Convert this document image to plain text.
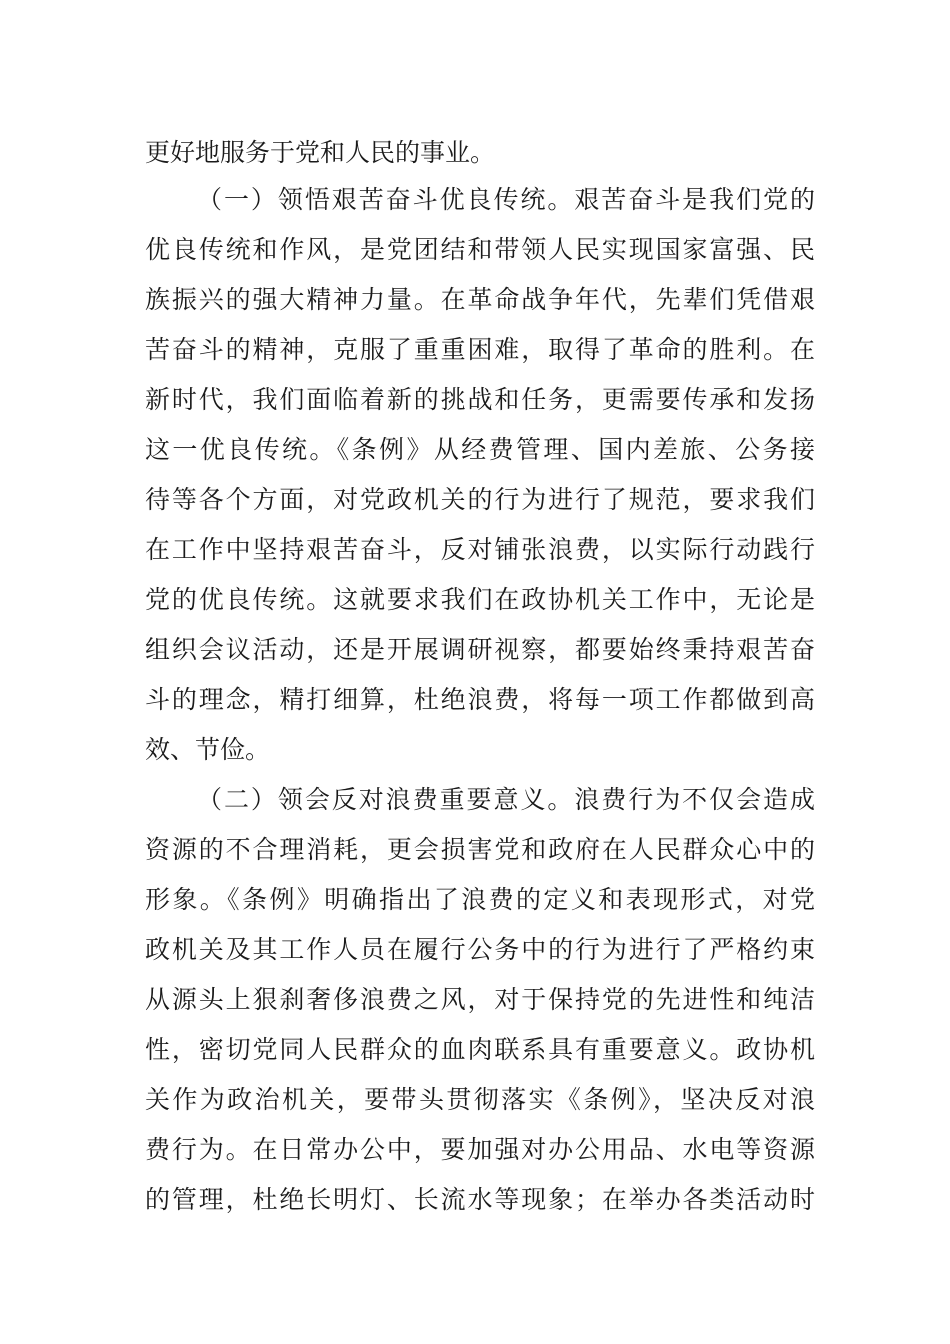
更好地服务于党和人民的事业。
（一）领悟艰苦奋斗优良传统。艰苦奋斗是我们党的
优良传统和作风，是党团结和带领人民实现国家富强、民
族振兴的强大精神力量。在革命战争年代，先辈们凭借艰
苦奋斗的精神，克服了重重困难，取得了革命的胜利。在
新时代，我们面临着新的挑战和任务，更需要传承和发扬
这一优良传统。《条例》从经费管理、国内差旅、公务接
待等各个方面，对党政机关的行为进行了规范，要求我们
在工作中坚持艰苦奋斗，反对铺张浪费，以实际行动践行
党的优良传统。这就要求我们在政协机关工作中，无论是
组织会议活动，还是开展调研视察，都要始终秉持艰苦奋
斗的理念，精打细算，杜绝浪费，将每一项工作都做到高
效、节俭。
（二）领会反对浪费重要意义。浪费行为不仅会造成
资源的不合理消耗，更会损害党和政府在人民群众心中的
形象。《条例》明确指出了浪费的定义和表现形式，对党
政机关及其工作人员在履行公务中的行为进行了严格约束
从源头上狠刹奢侈浪费之风，对于保持党的先进性和纯洁
性，密切党同人民群众的血肉联系具有重要意义。政协机
关作为政治机关，要带头贯彻落实《条例》，坚决反对浪
费行为。在日常办公中，要加强对办公用品、水电等资源
的管理，杜绝长明灯、长流水等现象；在举办各类活动时
